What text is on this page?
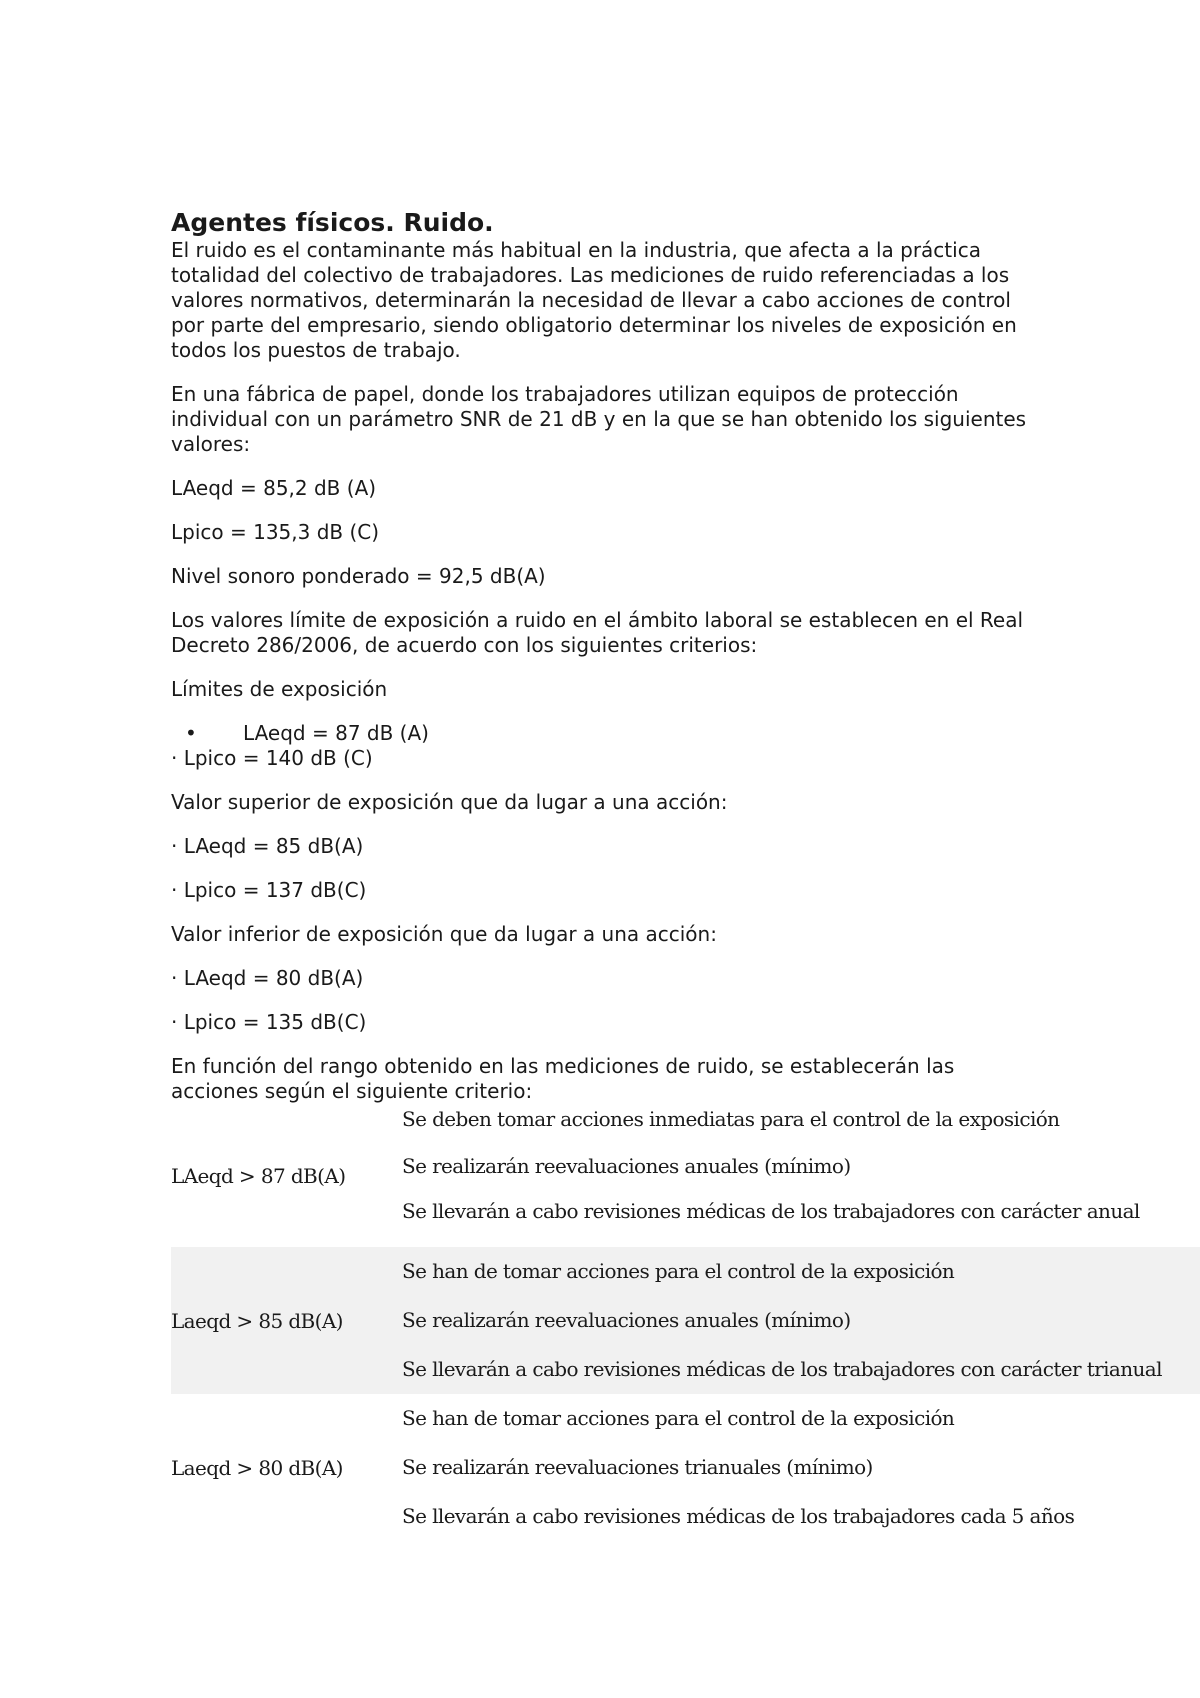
Agentes físicos. Ruido.

El ruido es el contaminante más habitual en la industria, que afecta a la práctica totalidad del colectivo de trabajadores. Las mediciones de ruido referenciadas a los valores normativos, determinarán la necesidad de llevar a cabo acciones de control por parte del empresario, siendo obligatorio determinar los niveles de exposición en todos los puestos de trabajo.

En una fábrica de papel, donde los trabajadores utilizan equipos de protección individual con un parámetro SNR de 21 dB y en la que se han obtenido los siguientes valores:

LAeqd = 85,2 dB (A)

Lpico = 135,3 dB (C)

Nivel sonoro ponderado = 92,5 dB(A)

Los valores límite de exposición a ruido en el ámbito laboral se establecen en el Real Decreto 286/2006, de acuerdo con los siguientes criterios:

Límites de exposición

•	LAeqd = 87 dB (A)

· Lpico = 140 dB (C)

Valor superior de exposición que da lugar a una acción:

· LAeqd = 85 dB(A)

· Lpico = 137 dB(C)

Valor inferior de exposición que da lugar a una acción:

· LAeqd = 80 dB(A)

· Lpico = 135 dB(C)

En función del rango obtenido en las mediciones de ruido, se establecerán las acciones según el siguiente criterio:

LAeqd > 87 dB(A)	Se deben tomar acciones inmediatas para el control de la exposición
Se realizarán reevaluaciones anuales (mínimo)
Se llevarán a cabo revisiones médicas de los trabajadores con carácter anual

Laeqd > 85 dB(A)	Se han de tomar acciones para el control de la exposición
Se realizarán reevaluaciones anuales (mínimo)
Se llevarán a cabo revisiones médicas de los trabajadores con carácter trianual

Laeqd > 80 dB(A)	Se han de tomar acciones para el control de la exposición
Se realizarán reevaluaciones trianuales (mínimo)
Se llevarán a cabo revisiones médicas de los trabajadores cada 5 años
